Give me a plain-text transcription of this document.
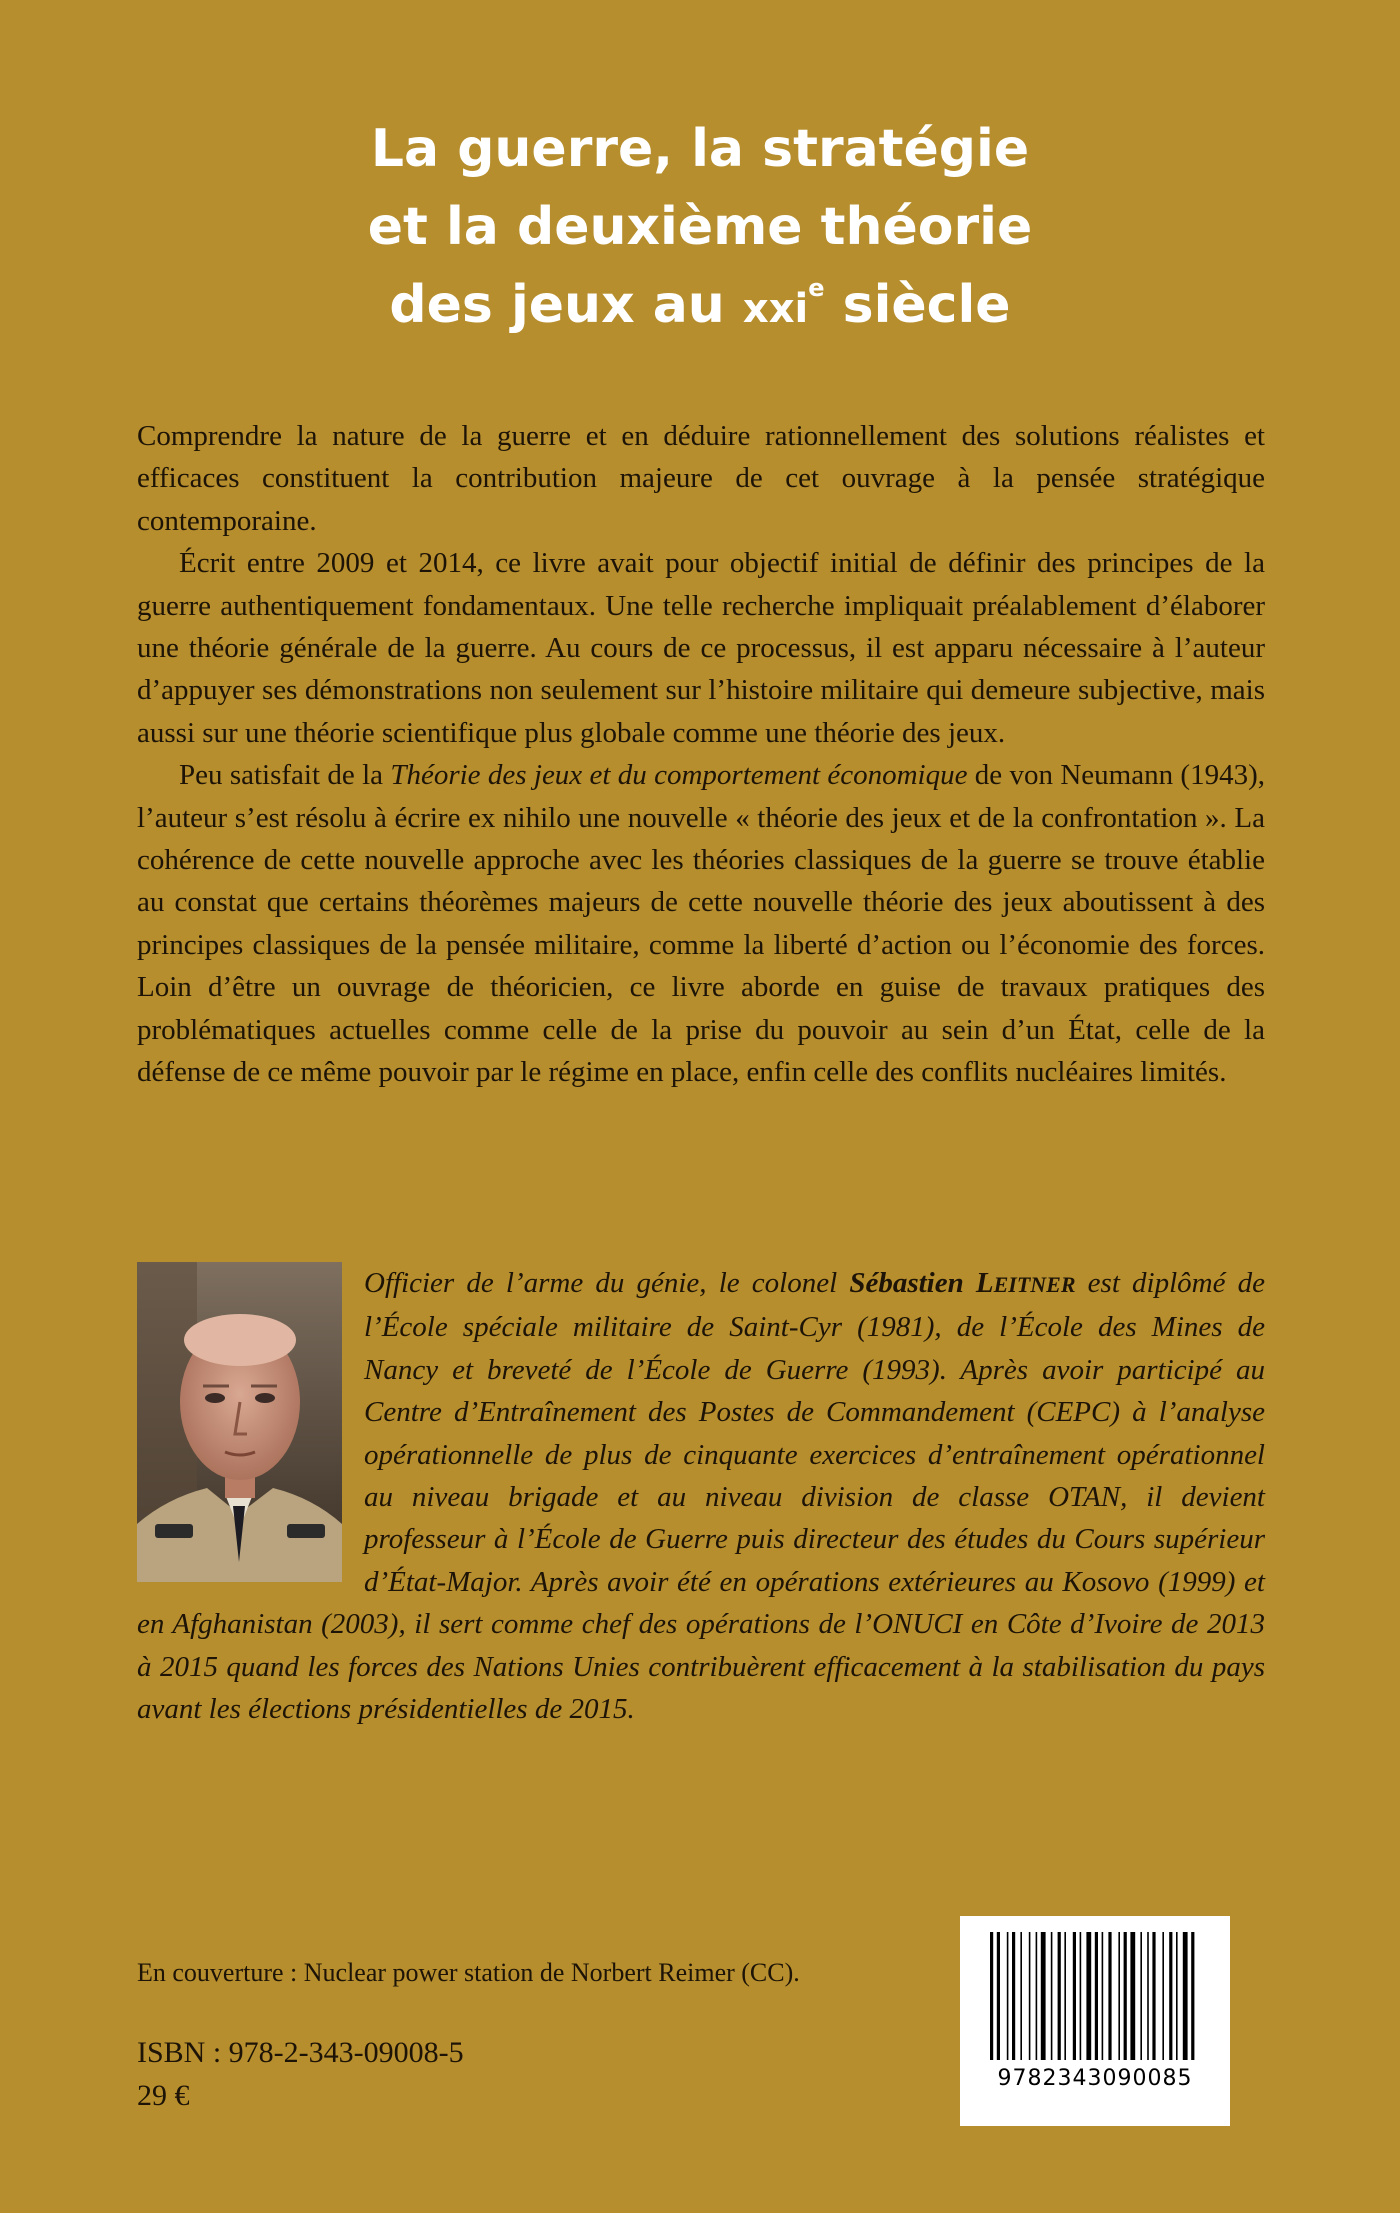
La guerre, la stratégie
et la deuxième théorie
des jeux au xxi$^e$ siècle

Comprendre la nature de la guerre et en déduire rationnellement des solutions réalistes et efficaces constituent la contribution majeure de cet ouvrage à la pensée stratégique contemporaine.

Écrit entre 2009 et 2014, ce livre avait pour objectif initial de définir des principes de la guerre authentiquement fondamentaux. Une telle recherche impliquait préalablement d’élaborer une théorie générale de la guerre. Au cours de ce processus, il est apparu nécessaire à l’auteur d’appuyer ses démonstrations non seulement sur l’histoire militaire qui demeure subjective, mais aussi sur une théorie scientifique plus globale comme une théorie des jeux.

Peu satisfait de la Théorie des jeux et du comportement économique de von Neumann (1943), l’auteur s’est résolu à écrire ex nihilo une nouvelle « théorie des jeux et de la confrontation ». La cohérence de cette nouvelle approche avec les théories classiques de la guerre se trouve établie au constat que certains théorèmes majeurs de cette nouvelle théorie des jeux aboutissent à des principes classiques de la pensée militaire, comme la liberté d’action ou l’économie des forces. Loin d’être un ouvrage de théoricien, ce livre aborde en guise de travaux pratiques des problématiques actuelles comme celle de la prise du pouvoir au sein d’un État, celle de la défense de ce même pouvoir par le régime en place, enfin celle des conflits nucléaires limités.

Officier de l’arme du génie, le colonel Sébastien LEITNER est diplômé de l’École spéciale militaire de Saint-Cyr (1981), de l’École des Mines de Nancy et breveté de l’École de Guerre (1993). Après avoir participé au Centre d’Entraînement des Postes de Commandement (CEPC) à l’analyse opérationnelle de plus de cinquante exercices d’entraînement opérationnel au niveau brigade et au niveau division de classe OTAN, il devient professeur à l’École de Guerre puis directeur des études du Cours supérieur d’État-Major. Après avoir été en opérations extérieures au Kosovo (1999) et en Afghanistan (2003), il sert comme chef des opérations de l’ONUCI en Côte d’Ivoire de 2013 à 2015 quand les forces des Nations Unies contribuèrent efficacement à la stabilisation du pays avant les élections présidentielles de 2015.
En couverture : Nuclear power station de Norbert Reimer (CC).
ISBN : 978-2-343-09008-5
29 €
9782343090085
